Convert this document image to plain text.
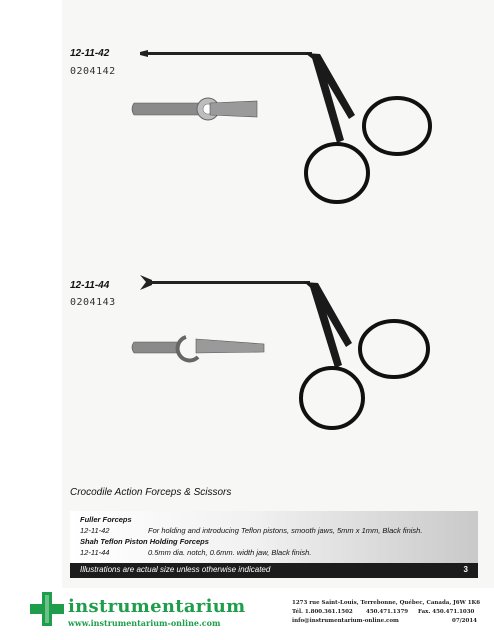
12-11-42
0204142
12-11-44
0204143
Crocodile Action Forceps & Scissors
Fuller Forceps
12-11-42	For holding and introducing Teflon pistons, smooth jaws, 5mm x 1mm, Black finish.
Shah Teflon Piston Holding Forceps
12-11-44	0.5mm dia. notch, 0.6mm. width jaw, Black finish.
Illustrations are actual size unless otherwise indicated	3
instrumentarium
www.instrumentarium-online.com
1273 rue Saint-Louis, Terrebonne, Québec, Canada, J6W 1K6
Tél. 1.800.361.1502 450.471.1379 Fax. 450.471.1030
info@instrumentarium-online.com	07/2014
